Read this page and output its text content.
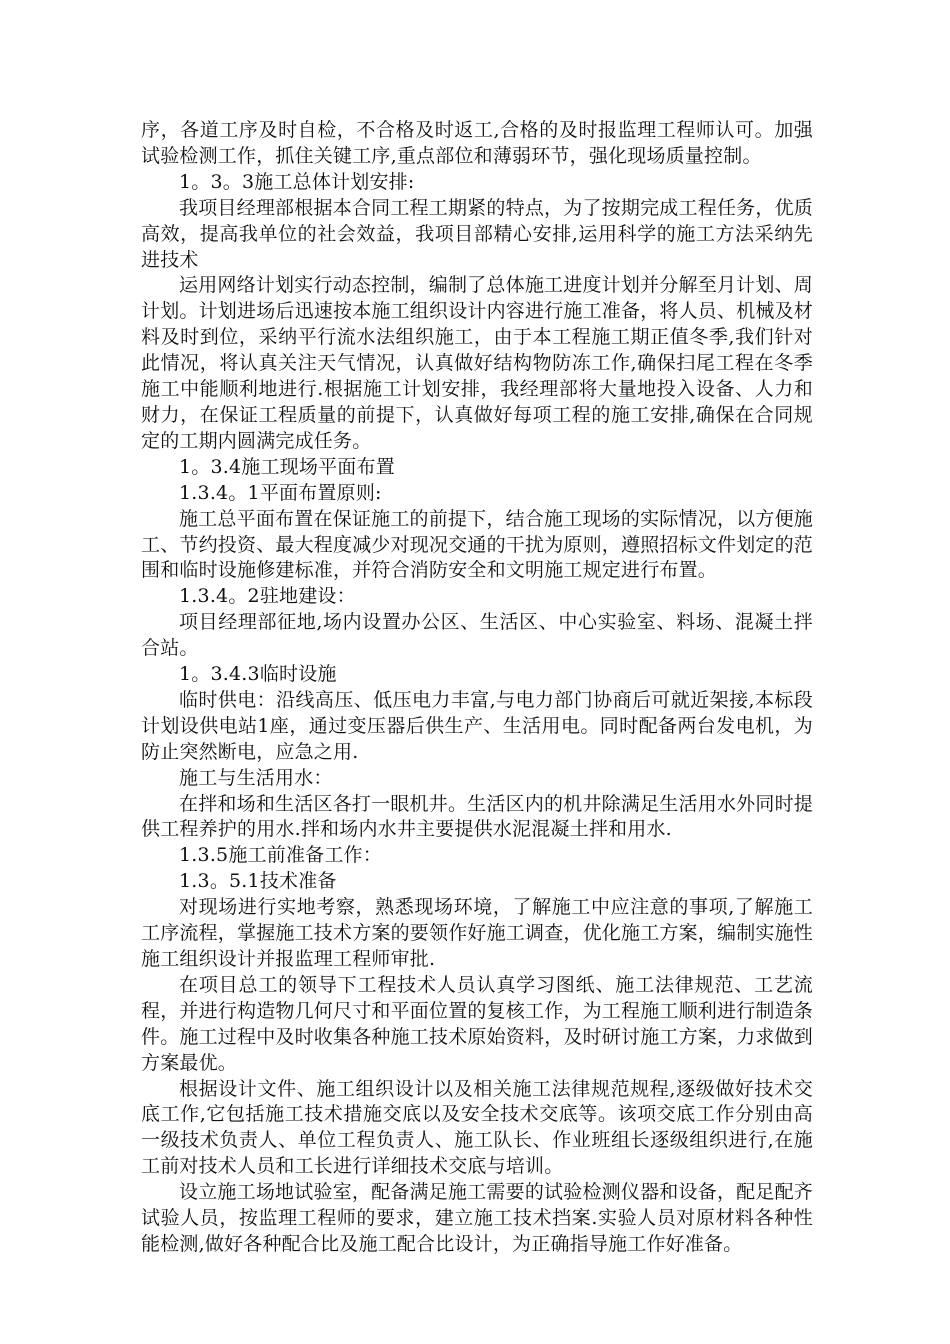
序，各道工序及时自检，不合格及时返工,合格的及时报监理工程师认可。加强试验检测工作，抓住关键工序,重点部位和薄弱环节，强化现场质量控制。

1。3。3施工总体计划安排:

我项目经理部根据本合同工程工期紧的特点，为了按期完成工程任务，优质高效，提高我单位的社会效益，我项目部精心安排,运用科学的施工方法采纳先进技术

运用网络计划实行动态控制，编制了总体施工进度计划并分解至月计划、周计划。计划进场后迅速按本施工组织设计内容进行施工准备，将人员、机械及材料及时到位，采纳平行流水法组织施工，由于本工程施工期正值冬季,我们针对此情况，将认真关注天气情况，认真做好结构物防冻工作,确保扫尾工程在冬季施工中能顺利地进行.根据施工计划安排，我经理部将大量地投入设备、人力和财力，在保证工程质量的前提下，认真做好每项工程的施工安排,确保在合同规定的工期内圆满完成任务。

1。3.4施工现场平面布置

1.3.4。1平面布置原则:

施工总平面布置在保证施工的前提下，结合施工现场的实际情况，以方便施工、节约投资、最大程度减少对现况交通的干扰为原则，遵照招标文件划定的范围和临时设施修建标准，并符合消防安全和文明施工规定进行布置。

1.3.4。2驻地建设：

项目经理部征地,场内设置办公区、生活区、中心实验室、料场、混凝土拌合站。

1。3.4.3临时设施

临时供电：沿线高压、低压电力丰富,与电力部门协商后可就近架接,本标段计划设供电站1座，通过变压器后供生产、生活用电。同时配备两台发电机，为防止突然断电，应急之用.

施工与生活用水：

在拌和场和生活区各打一眼机井。生活区内的机井除满足生活用水外同时提供工程养护的用水.拌和场内水井主要提供水泥混凝土拌和用水.

1.3.5施工前准备工作：

1.3。5.1技术准备

对现场进行实地考察，熟悉现场环境，了解施工中应注意的事项,了解施工工序流程，掌握施工技术方案的要领作好施工调查，优化施工方案，编制实施性施工组织设计并报监理工程师审批.

在项目总工的领导下工程技术人员认真学习图纸、施工法律规范、工艺流程，并进行构造物几何尺寸和平面位置的复核工作，为工程施工顺利进行制造条件。施工过程中及时收集各种施工技术原始资料，及时研讨施工方案，力求做到方案最优。

根据设计文件、施工组织设计以及相关施工法律规范规程,逐级做好技术交底工作,它包括施工技术措施交底以及安全技术交底等。该项交底工作分别由高一级技术负责人、单位工程负责人、施工队长、作业班组长逐级组织进行,在施工前对技术人员和工长进行详细技术交底与培训。

设立施工场地试验室，配备满足施工需要的试验检测仪器和设备，配足配齐试验人员，按监理工程师的要求，建立施工技术挡案.实验人员对原材料各种性能检测,做好各种配合比及施工配合比设计，为正确指导施工作好准备。
